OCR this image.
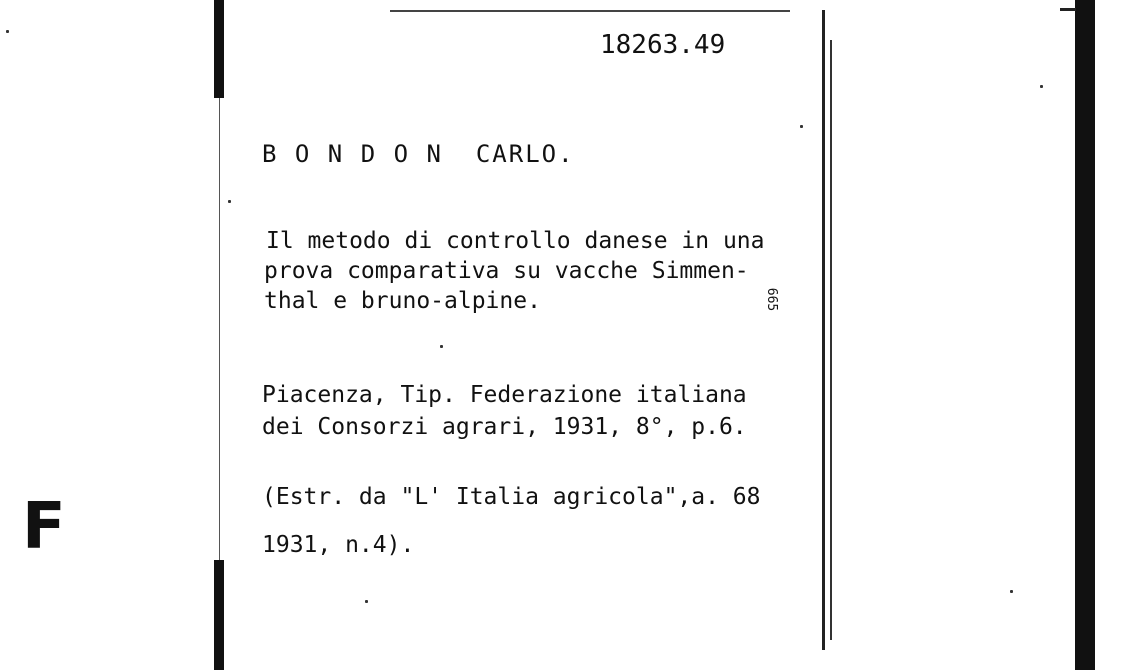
18263.49
B O N D O N  CARLO.
Il metodo di controllo danese in una
prova comparativa su vacche Simmen-
thal e bruno-alpine.	665
Piacenza, Tip. Federazione italiana
dei Consorzi agrari, 1931, 8°, p.6.
(Estr. da "L' Italia agricola",a. 68
1931, n.4).
F
